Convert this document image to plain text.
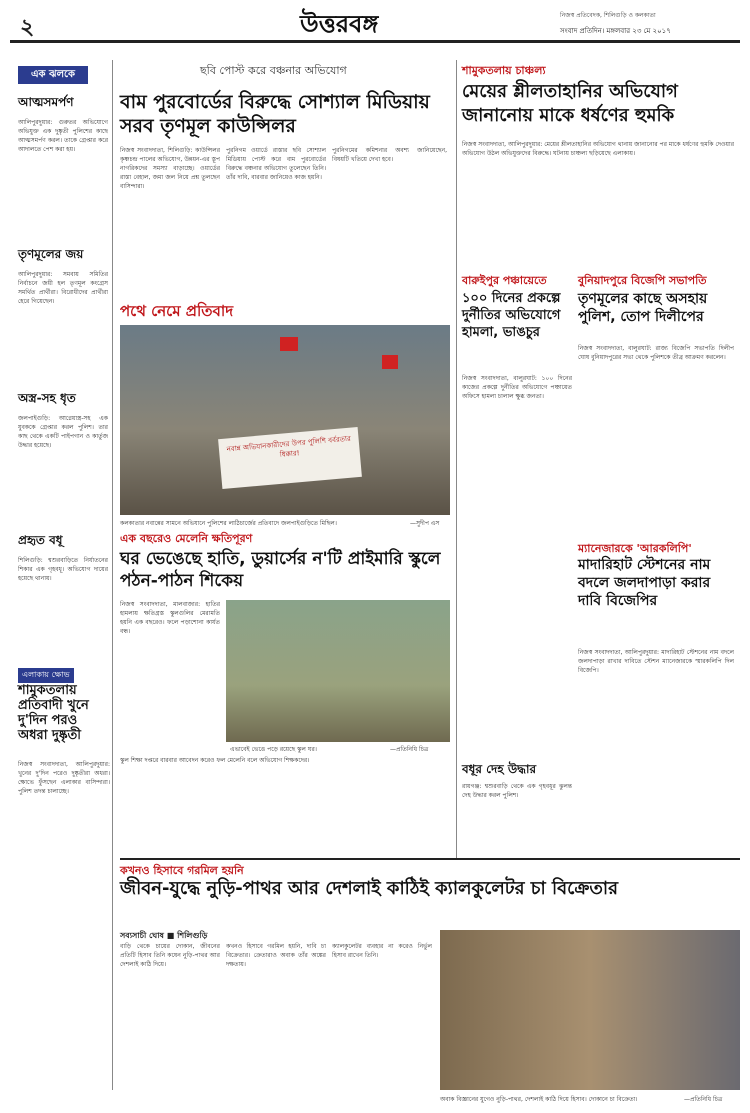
২	উত্তরবঙ্গ	নিজস্ব প্রতিবেদক, শিলিগুড়ি ও কলকাতা
সংবাদ প্রতিদিন। মঙ্গলবার ২৩ মে ২০১৭
এক ঝলকে
আত্মসমর্পণ
আলিপুরদুয়ার: গুরুতর অভিযোগে অভিযুক্ত এক দুষ্কৃতী পুলিশের কাছে আত্মসমর্পণ করল। তাকে গ্রেপ্তার করে আদালতে পেশ করা হয়।
তৃণমূলের জয়
আলিপুরদুয়ার: সমবায় সমিতির নির্বাচনে জয়ী হল তৃণমূল কংগ্রেস সমর্থিত প্রার্থীরা। বিরোধীদের প্রার্থীরা হেরে গিয়েছেন।
অস্ত্র-সহ ধৃত
জলপাইগুড়ি: আগ্নেয়াস্ত্র-সহ এক যুবককে গ্রেপ্তার করল পুলিশ। তার কাছ থেকে একটি পাইপগান ও কার্তুজ উদ্ধার হয়েছে।
প্রহৃত বধূ
শিলিগুড়ি: শ্বশুরবাড়িতে নির্যাতনের শিকার এক গৃহবধূ। অভিযোগ দায়ের হয়েছে থানায়।
এলাকায় ক্ষোভ
শামুকতলায় প্রতিবাদী খুনে দু'দিন পরও অধরা দুষ্কৃতী
নিজস্ব সংবাদদাতা, আলিপুরদুয়ার: খুনের দু'দিন পরেও দুষ্কৃতীরা অধরা। ক্ষোভে ফুঁসছেন এলাকার বাসিন্দারা। পুলিশ তদন্ত চালাচ্ছে।
ছবি পোস্ট করে বঞ্চনার অভিযোগ
বাম পুরবোর্ডের বিরুদ্ধে সোশ্যাল মিডিয়ায় সরব তৃণমূল কাউন্সিলর
নিজস্ব সংবাদদাতা, শিলিগুড়ি: কাউন্সিলর কৃষ্ণচন্দ্র পালের অভিযোগ, উন্নয়ন-এর স্তূপ নাগরিকদের সমস্যা বাড়াচ্ছে। ওয়ার্ডের রাস্তা বেহাল, জমা জল নিয়ে প্রশ্ন তুলছেন বাসিন্দারা।
পুরনিগম ওয়ার্ডে রাস্তার ছবি সোশ্যাল মিডিয়ায় পোস্ট করে বাম পুরবোর্ডের বিরুদ্ধে বঞ্চনার অভিযোগ তুলেছেন তিনি। তাঁর দাবি, বারবার জানিয়েও কাজ হয়নি।
পুরনিগমের কমিশনার অবশ্য জানিয়েছেন, বিষয়টি খতিয়ে দেখা হবে।
পথে নেমে প্রতিবাদ
নবান্ন অভিযানকারীদের উপর পুলিশি বর্বরতার ধিক্কার!
কলকাতার নবান্নের সামনে অভিযানে পুলিশের লাঠিচার্জের প্রতিবাদে জলপাইগুড়িতে মিছিল।	—সুদীপ এস
এক বছরেও মেলেনি ক্ষতিপূরণ
ঘর ভেঙেছে হাতি, ডুয়ার্সের ন'টি প্রাইমারি স্কুলে পঠন-পাঠন শিকেয়
নিজস্ব সংবাদদাতা, মালবাজার: হাতির হামলায় ক্ষতিগ্রস্ত স্কুলগুলির মেরামতি হয়নি এক বছরেও। ফলে পড়াশোনা কার্যত বন্ধ।
এভাবেই ভেঙে পড়ে রয়েছে স্কুল ঘর।	—প্রতিনিধি চিত্র
স্কুল শিক্ষা দপ্তরে বারবার আবেদন করেও ফল মেলেনি বলে অভিযোগ শিক্ষকদের।
শামুকতলায় চাঞ্চল্য
মেয়ের শ্লীলতাহানির অভিযোগ জানানোয় মাকে ধর্ষণের হুমকি
নিজস্ব সংবাদদাতা, আলিপুরদুয়ার: মেয়ের শ্লীলতাহানির অভিযোগ থানায় জানানোর পর মাকে ধর্ষণের হুমকি দেওয়ার অভিযোগ উঠল অভিযুক্তদের বিরুদ্ধে। ঘটনায় চাঞ্চল্য ছড়িয়েছে এলাকায়।
বারুইপুর পঞ্চায়েতে
১০০ দিনের প্রকল্পে দুর্নীতির অভিযোগে হামলা, ভাঙচুর
নিজস্ব সংবাদদাতা, বালুরঘাট: ১০০ দিনের কাজের প্রকল্পে দুর্নীতির অভিযোগে পঞ্চায়েত অফিসে হামলা চালাল ক্ষুব্ধ জনতা।
বধূর দেহ উদ্ধার
রায়গঞ্জ: শ্বশুরবাড়ি থেকে এক গৃহবধূর ঝুলন্ত দেহ উদ্ধার করল পুলিশ।
বুনিয়াদপুরে বিজেপি সভাপতি
তৃণমূলের কাছে অসহায় পুলিশ, তোপ দিলীপের
নিজস্ব সংবাদদাতা, বালুরঘাট: রাজ্য বিজেপি সভাপতি দিলীপ ঘোষ বুনিয়াদপুরের সভা থেকে পুলিশকে তীব্র আক্রমণ করলেন।
ম্যানেজারকে 'আরকলিপি'
মাদারিহাট স্টেশনের নাম বদলে জলদাপাড়া করার দাবি বিজেপির
নিজস্ব সংবাদদাতা, আলিপুরদুয়ার: মাদারিহাট স্টেশনের নাম বদলে জলদাপাড়া রাখার দাবিতে স্টেশন ম্যানেজারকে স্মারকলিপি দিল বিজেপি।
কখনও হিসাবে গরমিল হয়নি
জীবন-যুদ্ধে নুড়ি-পাথর আর দেশলাই কাঠিই ক্যালকুলেটর চা বিক্রেতার
সব্যসাচী ঘোষ ■ শিলিগুড়ি
বাড়ি থেকে চায়ের দোকান, জীবনের প্রতিটি হিসাব তিনি কষেন নুড়ি-পাথর আর দেশলাই কাঠি দিয়ে।
কখনও হিসাবে গরমিল হয়নি, দাবি চা বিক্রেতার। ক্রেতারাও অবাক তাঁর অঙ্কের দক্ষতায়।
ক্যালকুলেটর ব্যবহার না করেও নির্ভুল হিসাব রাখেন তিনি।
অবাক বিজ্ঞানের যুগেও নুড়ি-পাথর, দেশলাই কাঠি দিয়ে হিসাব। দোকানে চা বিক্রেতা।	—প্রতিনিধি চিত্র
